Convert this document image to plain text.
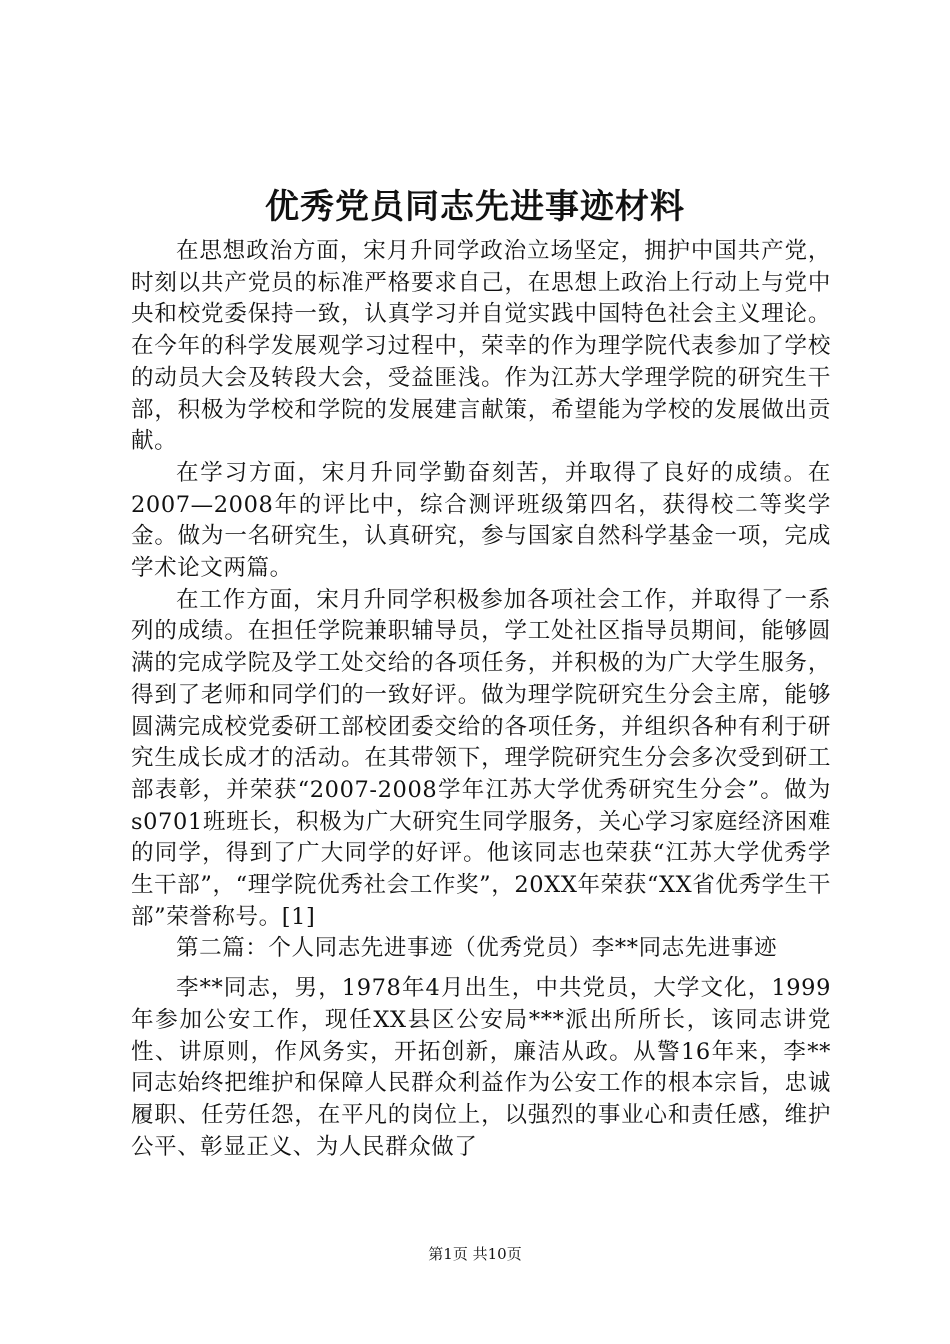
优秀党员同志先进事迹材料

在思想政治方面，宋月升同学政治立场坚定，拥护中国共产党，时刻以共产党员的标准严格要求自己，在思想上政治上行动上与党中央和校党委保持一致，认真学习并自觉实践中国特色社会主义理论。在今年的科学发展观学习过程中，荣幸的作为理学院代表参加了学校的动员大会及转段大会，受益匪浅。作为江苏大学理学院的研究生干部，积极为学校和学院的发展建言献策，希望能为学校的发展做出贡献。

在学习方面，宋月升同学勤奋刻苦，并取得了良好的成绩。在2007—2008年的评比中，综合测评班级第四名，获得校二等奖学金。做为一名研究生，认真研究，参与国家自然科学基金一项，完成学术论文两篇。

在工作方面，宋月升同学积极参加各项社会工作，并取得了一系列的成绩。在担任学院兼职辅导员，学工处社区指导员期间，能够圆满的完成学院及学工处交给的各项任务，并积极的为广大学生服务，得到了老师和同学们的一致好评。做为理学院研究生分会主席，能够圆满完成校党委研工部校团委交给的各项任务，并组织各种有利于研究生成长成才的活动。在其带领下，理学院研究生分会多次受到研工部表彰，并荣获“2007-2008学年江苏大学优秀研究生分会”。做为s0701班班长，积极为广大研究生同学服务，关心学习家庭经济困难的同学，得到了广大同学的好评。他该同志也荣获“江苏大学优秀学生干部”，“理学院优秀社会工作奖”，20XX年荣获“XX省优秀学生干部”荣誉称号。[1]

第二篇：个人同志先进事迹（优秀党员）李**同志先进事迹

李**同志，男，1978年4月出生，中共党员，大学文化，1999年参加公安工作，现任XX县区公安局***派出所所长，该同志讲党性、讲原则，作风务实，开拓创新，廉洁从政。从警16年来，李**同志始终把维护和保障人民群众利益作为公安工作的根本宗旨，忠诚履职、任劳任怨，在平凡的岗位上，以强烈的事业心和责任感，维护公平、彰显正义、为人民群众做了

第1页 共10页
